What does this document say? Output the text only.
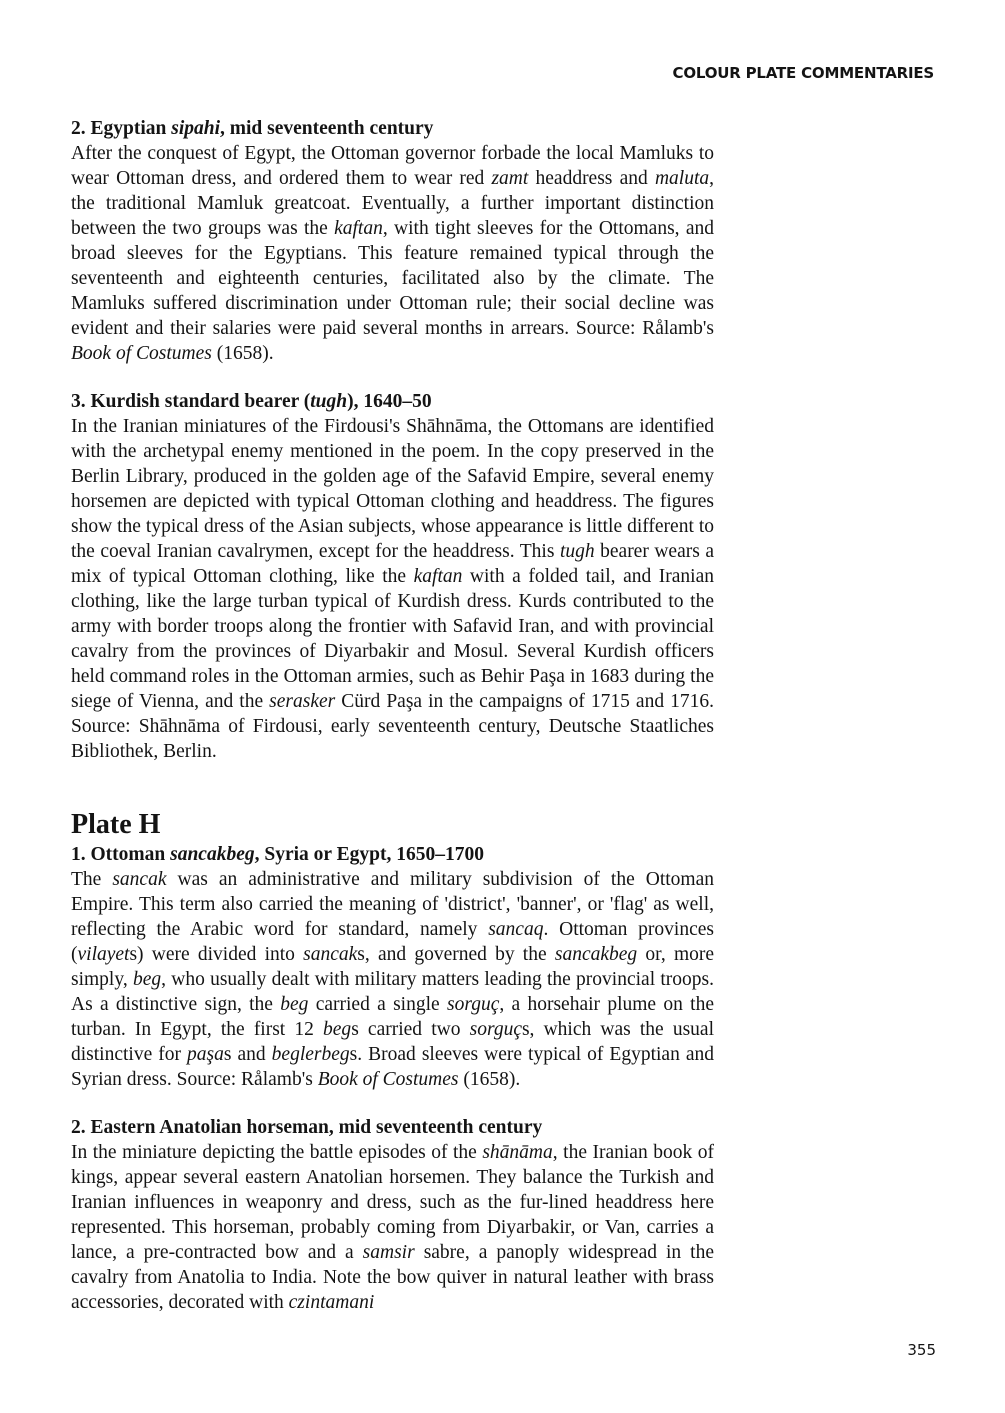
COLOUR PLATE COMMENTARIES

2. Egyptian sipahi, mid seventeenth century

After the conquest of Egypt, the Ottoman governor forbade the local Mamluks to wear Ottoman dress, and ordered them to wear red zamt headdress and maluta, the traditional Mamluk greatcoat. Eventually, a further important distinction between the two groups was the kaftan, with tight sleeves for the Ottomans, and broad sleeves for the Egyptians. This feature remained typical through the seventeenth and eighteenth centuries, facilitated also by the climate. The Mamluks suffered discrimination under Ottoman rule; their social decline was evident and their salaries were paid several months in arrears. Source: Rålamb's Book of Costumes (1658).

3. Kurdish standard bearer (tugh), 1640–50

In the Iranian miniatures of the Firdousi's Shāhnāma, the Ottomans are identified with the archetypal enemy mentioned in the poem. In the copy preserved in the Berlin Library, produced in the golden age of the Safavid Empire, several enemy horsemen are depicted with typical Ottoman clothing and headdress. The figures show the typical dress of the Asian subjects, whose appearance is little different to the coeval Iranian cavalrymen, except for the headdress. This tugh bearer wears a mix of typical Ottoman clothing, like the kaftan with a folded tail, and Iranian clothing, like the large turban typical of Kurdish dress. Kurds contributed to the army with border troops along the frontier with Safavid Iran, and with provincial cavalry from the provinces of Diyarbakir and Mosul. Several Kurdish officers held command roles in the Ottoman armies, such as Behir Paşa in 1683 during the siege of Vienna, and the serasker Cürd Paşa in the campaigns of 1715 and 1716. Source: Shāhnāma of Firdousi, early seventeenth century, Deutsche Staatliches Bibliothek, Berlin.

Plate H

1. Ottoman sancakbeg, Syria or Egypt, 1650–1700

The sancak was an administrative and military subdivision of the Ottoman Empire. This term also carried the meaning of 'district', 'banner', or 'flag' as well, reflecting the Arabic word for standard, namely sancaq. Ottoman provinces (vilayets) were divided into sancaks, and governed by the sancakbeg or, more simply, beg, who usually dealt with military matters leading the provincial troops. As a distinctive sign, the beg carried a single sorguç, a horsehair plume on the turban. In Egypt, the first 12 begs carried two sorguçs, which was the usual distinctive for paşas and beglerbegs. Broad sleeves were typical of Egyptian and Syrian dress. Source: Rålamb's Book of Costumes (1658).

2. Eastern Anatolian horseman, mid seventeenth century

In the miniature depicting the battle episodes of the shānāma, the Iranian book of kings, appear several eastern Anatolian horsemen. They balance the Turkish and Iranian influences in weaponry and dress, such as the fur-lined headdress here represented. This horseman, probably coming from Diyarbakir, or Van, carries a lance, a pre-contracted bow and a samsir sabre, a panoply widespread in the cavalry from Anatolia to India. Note the bow quiver in natural leather with brass accessories, decorated with czintamani

355
